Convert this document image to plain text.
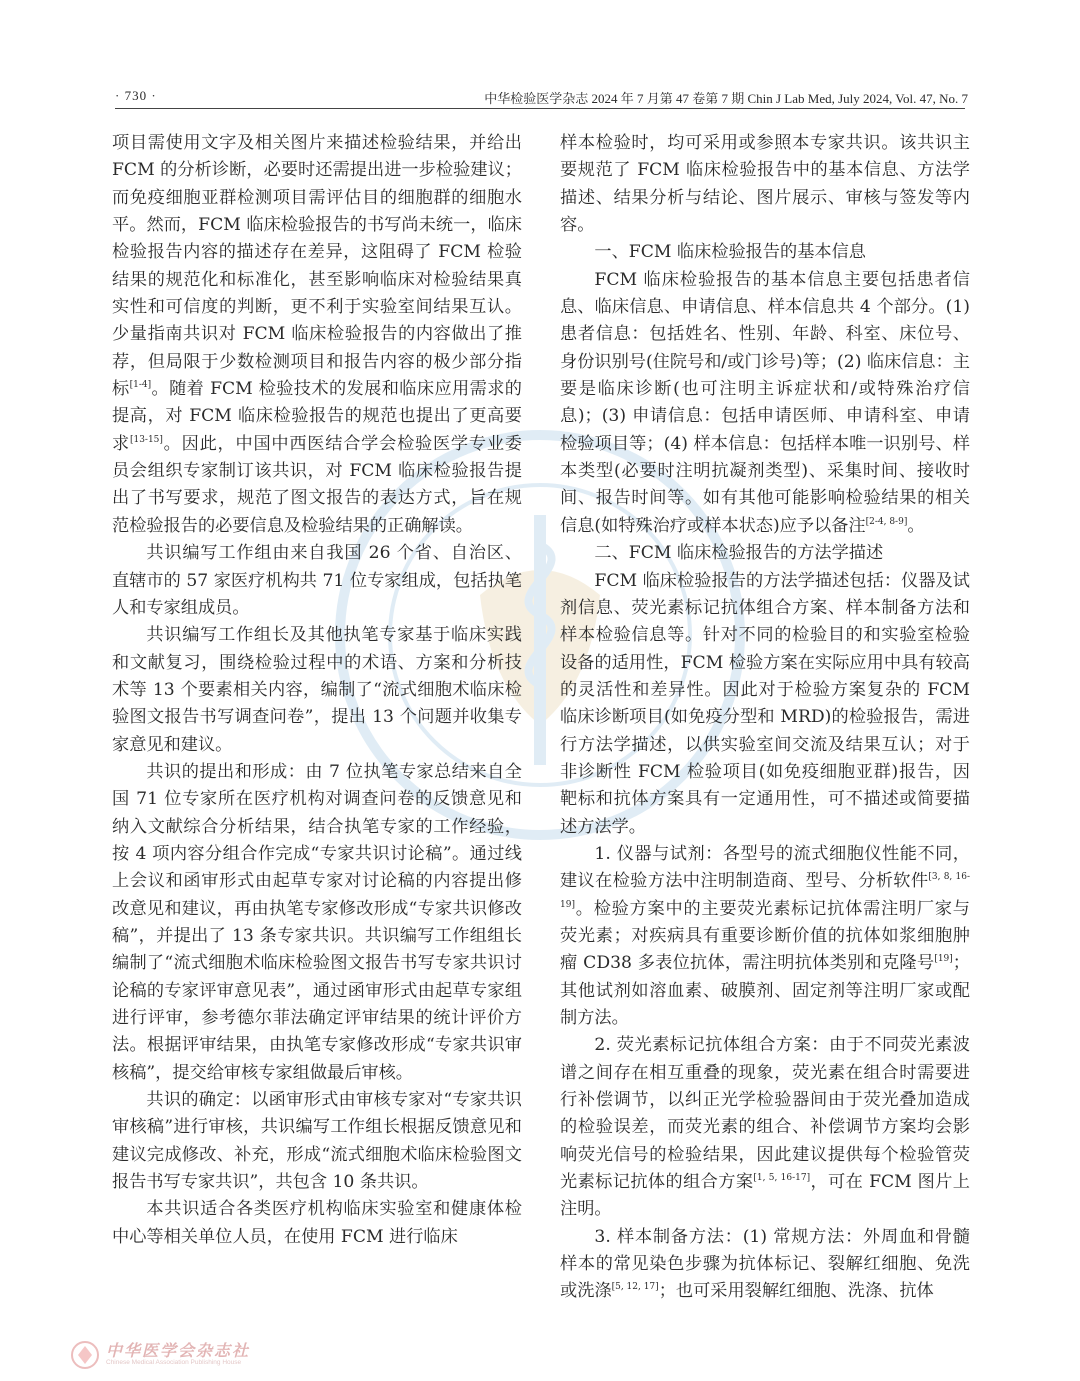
· 730 ·	中华检验医学杂志 2024 年 7 月第 47 卷第 7 期 Chin J Lab Med, July 2024, Vol. 47, No. 7

项目需使用文字及相关图片来描述检验结果，并给出 FCM 的分析诊断，必要时还需提出进一步检验建议；而免疫细胞亚群检测项目需评估目的细胞群的细胞水平。然而，FCM 临床检验报告的书写尚未统一，临床检验报告内容的描述存在差异，这阻碍了 FCM 检验结果的规范化和标准化，甚至影响临床对检验结果真实性和可信度的判断，更不利于实验室间结果互认。少量指南共识对 FCM 临床检验报告的内容做出了推荐，但局限于少数检测项目和报告内容的极少部分指标[1-4]。随着 FCM 检验技术的发展和临床应用需求的提高，对 FCM 临床检验报告的规范也提出了更高要求[13-15]。因此，中国中西医结合学会检验医学专业委员会组织专家制订该共识，对 FCM 临床检验报告提出了书写要求，规范了图文报告的表达方式，旨在规范检验报告的必要信息及检验结果的正确解读。

共识编写工作组由来自我国 26 个省、自治区、直辖市的 57 家医疗机构共 71 位专家组成，包括执笔人和专家组成员。

共识编写工作组长及其他执笔专家基于临床实践和文献复习，围绕检验过程中的术语、方案和分析技术等 13 个要素相关内容，编制了“流式细胞术临床检验图文报告书写调查问卷”，提出 13 个问题并收集专家意见和建议。

共识的提出和形成：由 7 位执笔专家总结来自全国 71 位专家所在医疗机构对调查问卷的反馈意见和纳入文献综合分析结果，结合执笔专家的工作经验，按 4 项内容分组合作完成“专家共识讨论稿”。通过线上会议和函审形式由起草专家对讨论稿的内容提出修改意见和建议，再由执笔专家修改形成“专家共识修改稿”，并提出了 13 条专家共识。共识编写工作组组长编制了“流式细胞术临床检验图文报告书写专家共识讨论稿的专家评审意见表”，通过函审形式由起草专家组进行评审，参考德尔菲法确定评审结果的统计评价方法。根据评审结果，由执笔专家修改形成“专家共识审核稿”，提交给审核专家组做最后审核。

共识的确定：以函审形式由审核专家对“专家共识审核稿”进行审核，共识编写工作组长根据反馈意见和建议完成修改、补充，形成“流式细胞术临床检验图文报告书写专家共识”，共包含 10 条共识。

本共识适合各类医疗机构临床实验室和健康体检中心等相关单位人员，在使用 FCM 进行临床

样本检验时，均可采用或参照本专家共识。该共识主要规范了 FCM 临床检验报告中的基本信息、方法学描述、结果分析与结论、图片展示、审核与签发等内容。

一、FCM 临床检验报告的基本信息

FCM 临床检验报告的基本信息主要包括患者信息、临床信息、申请信息、样本信息共 4 个部分。(1) 患者信息：包括姓名、性别、年龄、科室、床位号、身份识别号(住院号和/或门诊号)等；(2) 临床信息：主要是临床诊断(也可注明主诉症状和/或特殊治疗信息)；(3) 申请信息：包括申请医师、申请科室、申请检验项目等；(4) 样本信息：包括样本唯一识别号、样本类型(必要时注明抗凝剂类型)、采集时间、接收时间、报告时间等。如有其他可能影响检验结果的相关信息(如特殊治疗或样本状态)应予以备注[2-4, 8-9]。

二、FCM 临床检验报告的方法学描述

FCM 临床检验报告的方法学描述包括：仪器及试剂信息、荧光素标记抗体组合方案、样本制备方法和样本检验信息等。针对不同的检验目的和实验室检验设备的适用性，FCM 检验方案在实际应用中具有较高的灵活性和差异性。因此对于检验方案复杂的 FCM 临床诊断项目(如免疫分型和 MRD)的检验报告，需进行方法学描述，以供实验室间交流及结果互认；对于非诊断性 FCM 检验项目(如免疫细胞亚群)报告，因靶标和抗体方案具有一定通用性，可不描述或简要描述方法学。

1. 仪器与试剂：各型号的流式细胞仪性能不同，建议在检验方法中注明制造商、型号、分析软件[3, 8, 16-19]。检验方案中的主要荧光素标记抗体需注明厂家与荧光素；对疾病具有重要诊断价值的抗体如浆细胞肿瘤 CD38 多表位抗体，需注明抗体类别和克隆号[19]；其他试剂如溶血素、破膜剂、固定剂等注明厂家或配制方法。

2. 荧光素标记抗体组合方案：由于不同荧光素波谱之间存在相互重叠的现象，荧光素在组合时需要进行补偿调节，以纠正光学检验器间由于荧光叠加造成的检验误差，而荧光素的组合、补偿调节方案均会影响荧光信号的检验结果，因此建议提供每个检验管荧光素标记抗体的组合方案[1, 5, 16-17]，可在 FCM 图片上注明。

3. 样本制备方法：(1) 常规方法：外周血和骨髓样本的常见染色步骤为抗体标记、裂解红细胞、免洗或洗涤[5, 12, 17]；也可采用裂解红细胞、洗涤、抗体

中华医学会杂志社
Chinese Medical Association Publishing House
